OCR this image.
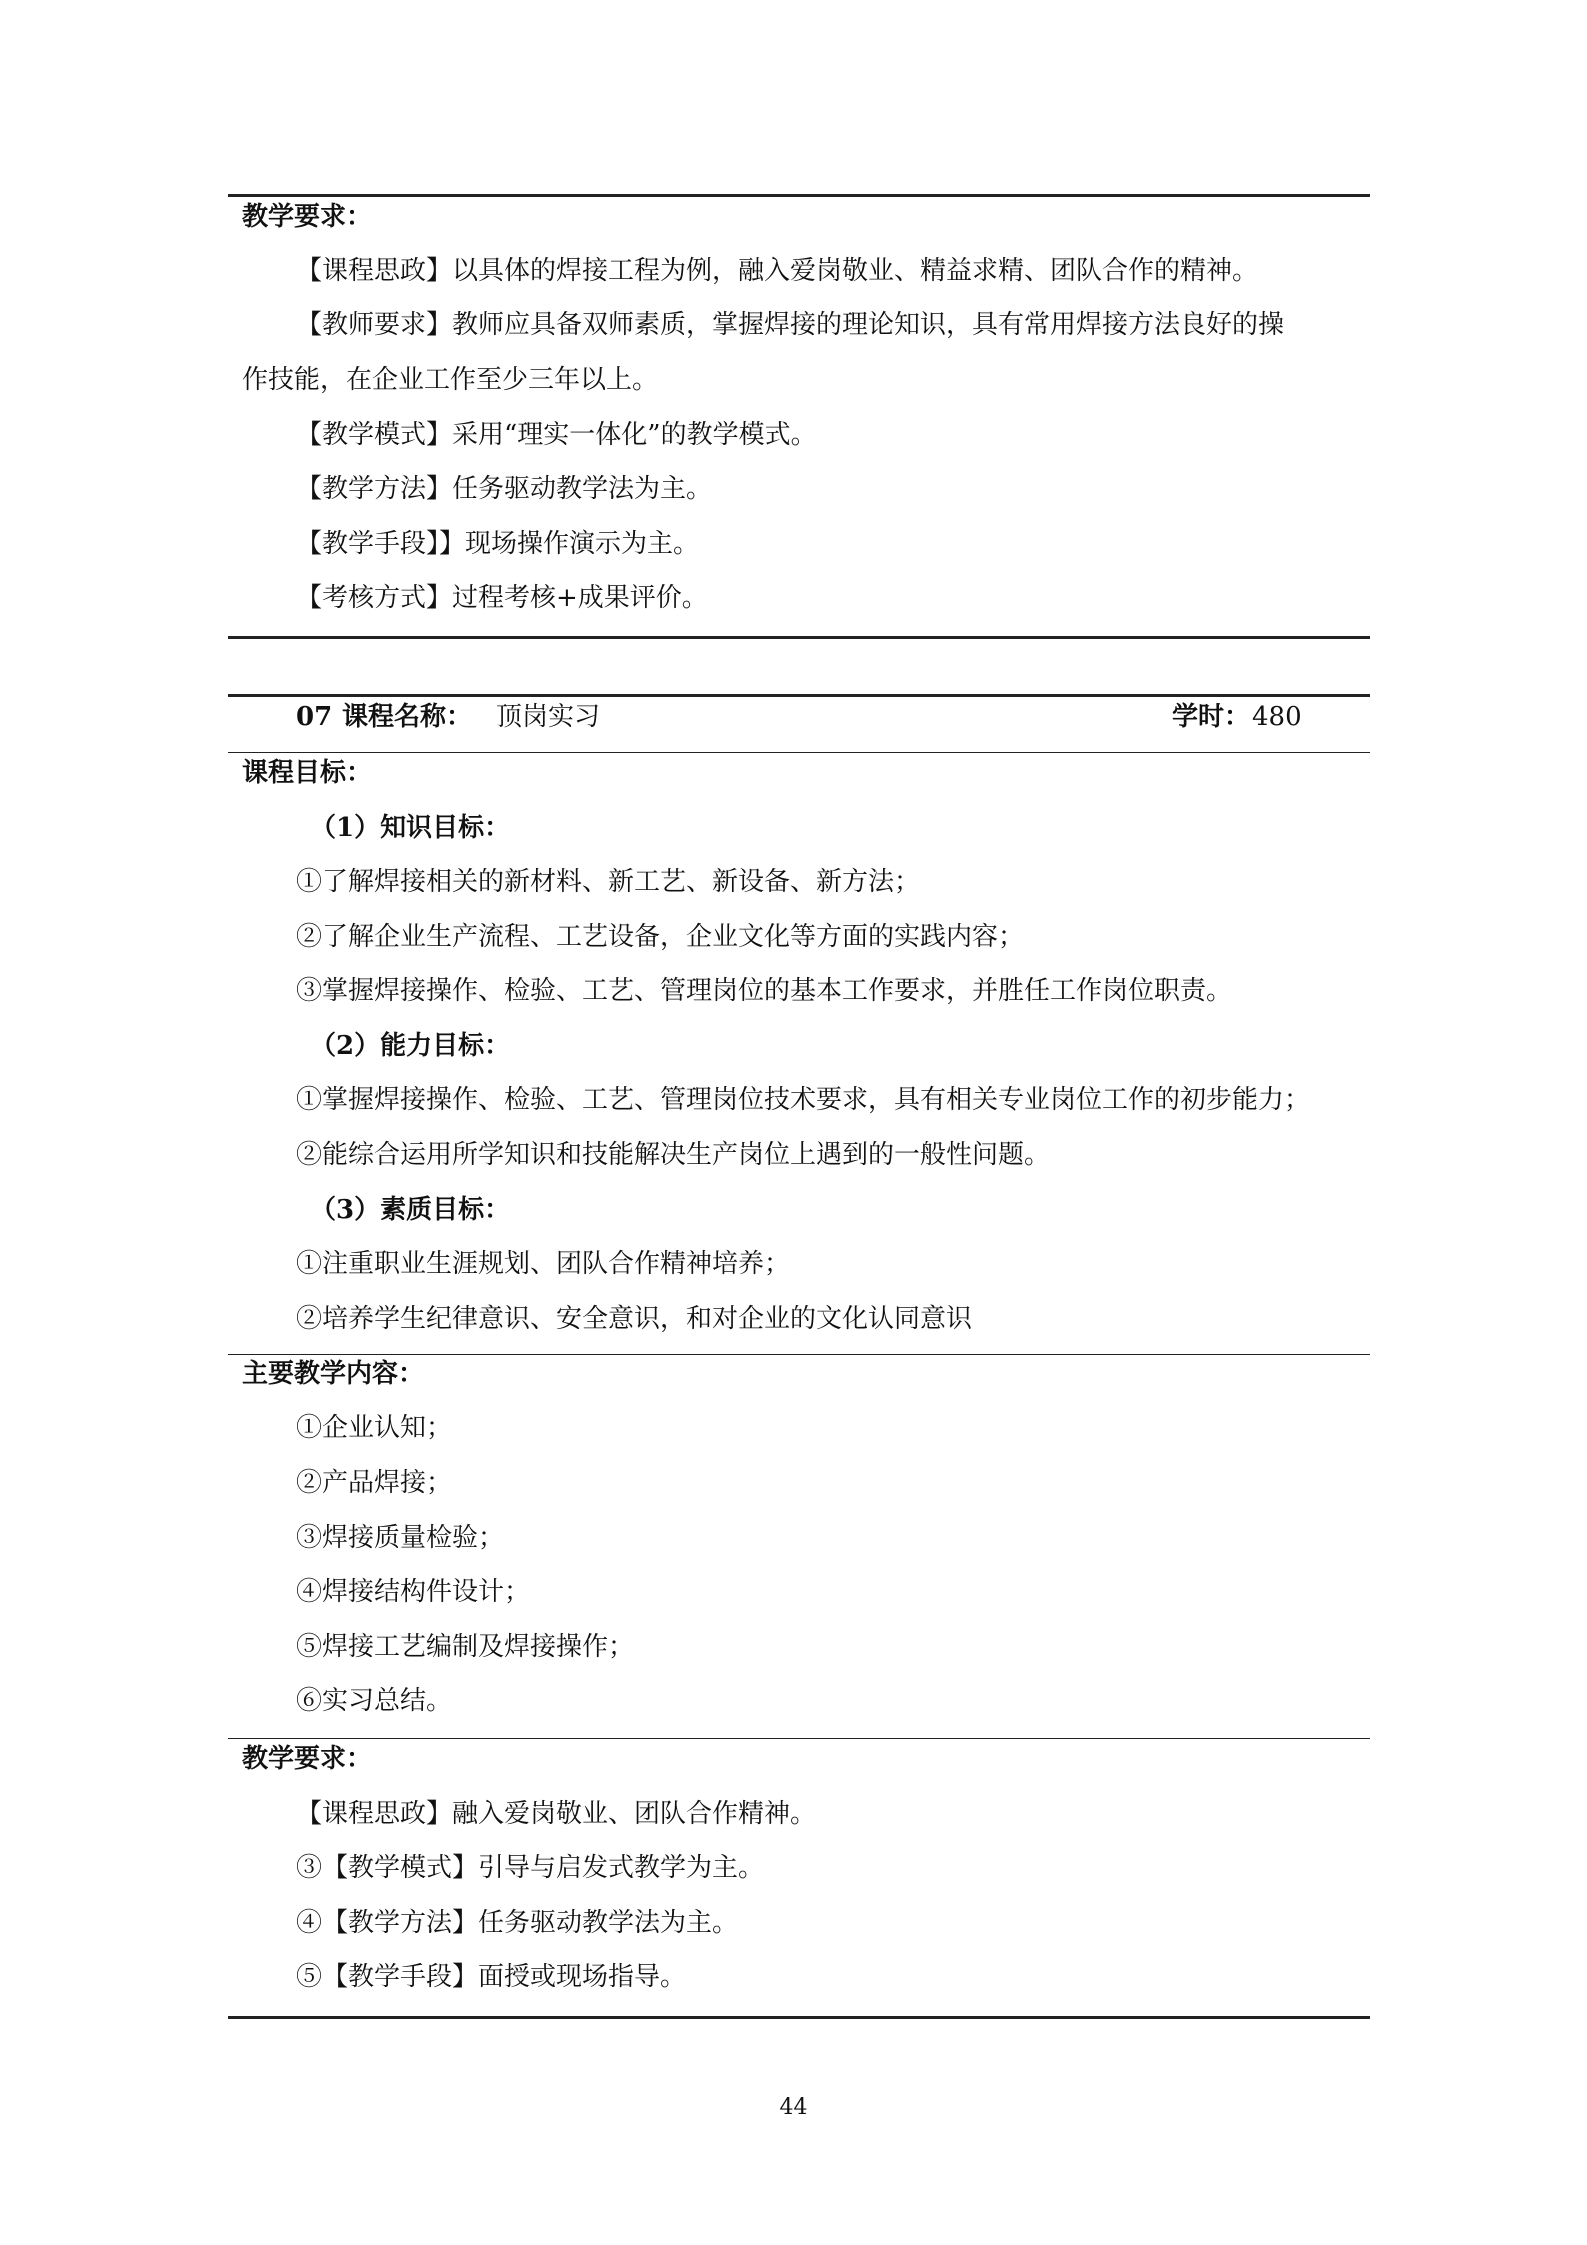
教学要求：
【课程思政】以具体的焊接工程为例，融入爱岗敬业、精益求精、团队合作的精神。
【教师要求】教师应具备双师素质，掌握焊接的理论知识，具有常用焊接方法良好的操
作技能，在企业工作至少三年以上。
【教学模式】采用“理实一体化”的教学模式。
【教学方法】任务驱动教学法为主。
【教学手段】】现场操作演示为主。
【考核方式】过程考核+成果评价。
07 课程名称： 顶岗实习	学时： 480
课程目标：
（1）知识目标：
①了解焊接相关的新材料、新工艺、新设备、新方法；
②了解企业生产流程、工艺设备，企业文化等方面的实践内容；
③掌握焊接操作、检验、工艺、管理岗位的基本工作要求，并胜任工作岗位职责。
（2）能力目标：
①掌握焊接操作、检验、工艺、管理岗位技术要求，具有相关专业岗位工作的初步能力；
②能综合运用所学知识和技能解决生产岗位上遇到的一般性问题。
（3）素质目标：
①注重职业生涯规划、团队合作精神培养；
②培养学生纪律意识、安全意识，和对企业的文化认同意识
主要教学内容：
①企业认知；
②产品焊接；
③焊接质量检验；
④焊接结构件设计；
⑤焊接工艺编制及焊接操作；
⑥实习总结。
教学要求：
【课程思政】融入爱岗敬业、团队合作精神。
③【教学模式】引导与启发式教学为主。
④【教学方法】任务驱动教学法为主。
⑤【教学手段】面授或现场指导。
44
